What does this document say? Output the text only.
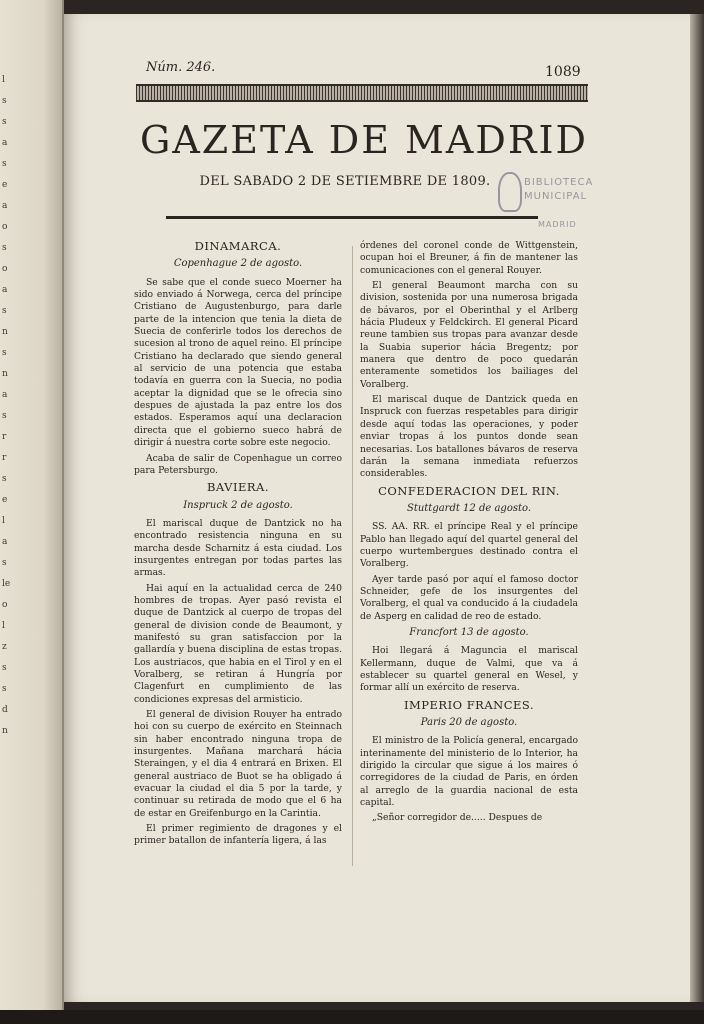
l
s
s
a
s
e
a
o
s
o
a
s
n
s
n
a
s
r
r
s
e
l
a
s
le
o
l
z
s
s
d
n
Núm. 246.	1089
GAZETA DE MADRID
DEL SABADO 2 DE SETIEMBRE DE 1809.	BIBLIOTECA
MUNICIPAL
MADRID
DINAMARCA.
Copenhague 2 de agosto.

Se sabe que el conde sueco Moerner ha sido enviado á Norwega, cerca del príncipe Cristiano de Augustenburgo, para darle parte de la intencion que tenia la dieta de Suecia de conferirle todos los derechos de sucesion al trono de aquel reino. El príncipe Cristiano ha declarado que siendo general al servicio de una potencia que estaba todavía en guerra con la Suecia, no podia aceptar la dignidad que se le ofrecia sino despues de ajustada la paz entre los dos estados. Esperamos aquí una declaracion directa que el gobierno sueco habrá de dirigir á nuestra corte sobre este negocio.

Acaba de salir de Copenhague un correo para Petersburgo.

BAVIERA.
Inspruck 2 de agosto.

El mariscal duque de Dantzick no ha encontrado resistencia ninguna en su marcha desde Scharnitz á esta ciudad. Los insurgentes entregan por todas partes las armas.

Hai aquí en la actualidad cerca de 240 hombres de tropas. Ayer pasó revista el duque de Dantzick al cuerpo de tropas del general de division conde de Beaumont, y manifestó su gran satisfaccion por la gallardía y buena disciplina de estas tropas. Los austriacos, que habia en el Tirol y en el Voralberg, se retiran á Hungría por Clagenfurt en cumplimiento de las condiciones expresas del armisticio.

El general de division Rouyer ha entrado hoi con su cuerpo de exército en Steinnach sin haber encontrado ninguna tropa de insurgentes. Mañana marchará hácia Steraingen, y el dia 4 entrará en Brixen. El general austriaco de Buot se ha obligado á evacuar la ciudad el dia 5 por la tarde, y continuar su retirada de modo que el 6 ha de estar en Greifenburgo en la Carintia.

El primer regimiento de dragones y el primer batallon de infantería ligera, á las

órdenes del coronel conde de Wittgenstein, ocupan hoi el Breuner, á fin de mantener las comunicaciones con el general Rouyer.

El general Beaumont marcha con su division, sostenida por una numerosa brigada de bávaros, por el Oberinthal y el Arlberg hácia Pludeux y Feldckirch. El general Picard reune tambien sus tropas para avanzar desde la Suabia superior hácia Bregentz; por manera que dentro de poco quedarán enteramente sometidos los bailiages del Voralberg.

El mariscal duque de Dantzick queda en Inspruck con fuerzas respetables para dirigir desde aquí todas las operaciones, y poder enviar tropas á los puntos donde sean necesarias. Los batallones bávaros de reserva darán la semana inmediata refuerzos considerables.

CONFEDERACION DEL RIN.
Stuttgardt 12 de agosto.

SS. AA. RR. el príncipe Real y el príncipe Pablo han llegado aquí del quartel general del cuerpo wurtembergues destinado contra el Voralberg.

Ayer tarde pasó por aquí el famoso doctor Schneider, gefe de los insurgentes del Voralberg, el qual va conducido á la ciudadela de Asperg en calidad de reo de estado.

Francfort 13 de agosto.

Hoi llegará á Maguncia el mariscal Kellermann, duque de Valmi, que va á establecer su quartel general en Wesel, y formar allí un exército de reserva.

IMPERIO FRANCES.
Paris 20 de agosto.

El ministro de la Policía general, encargado interinamente del ministerio de lo Interior, ha dirigido la circular que sigue á los maires ó corregidores de la ciudad de Paris, en órden al arreglo de la guardia nacional de esta capital.

„Señor corregidor de..... Despues de
